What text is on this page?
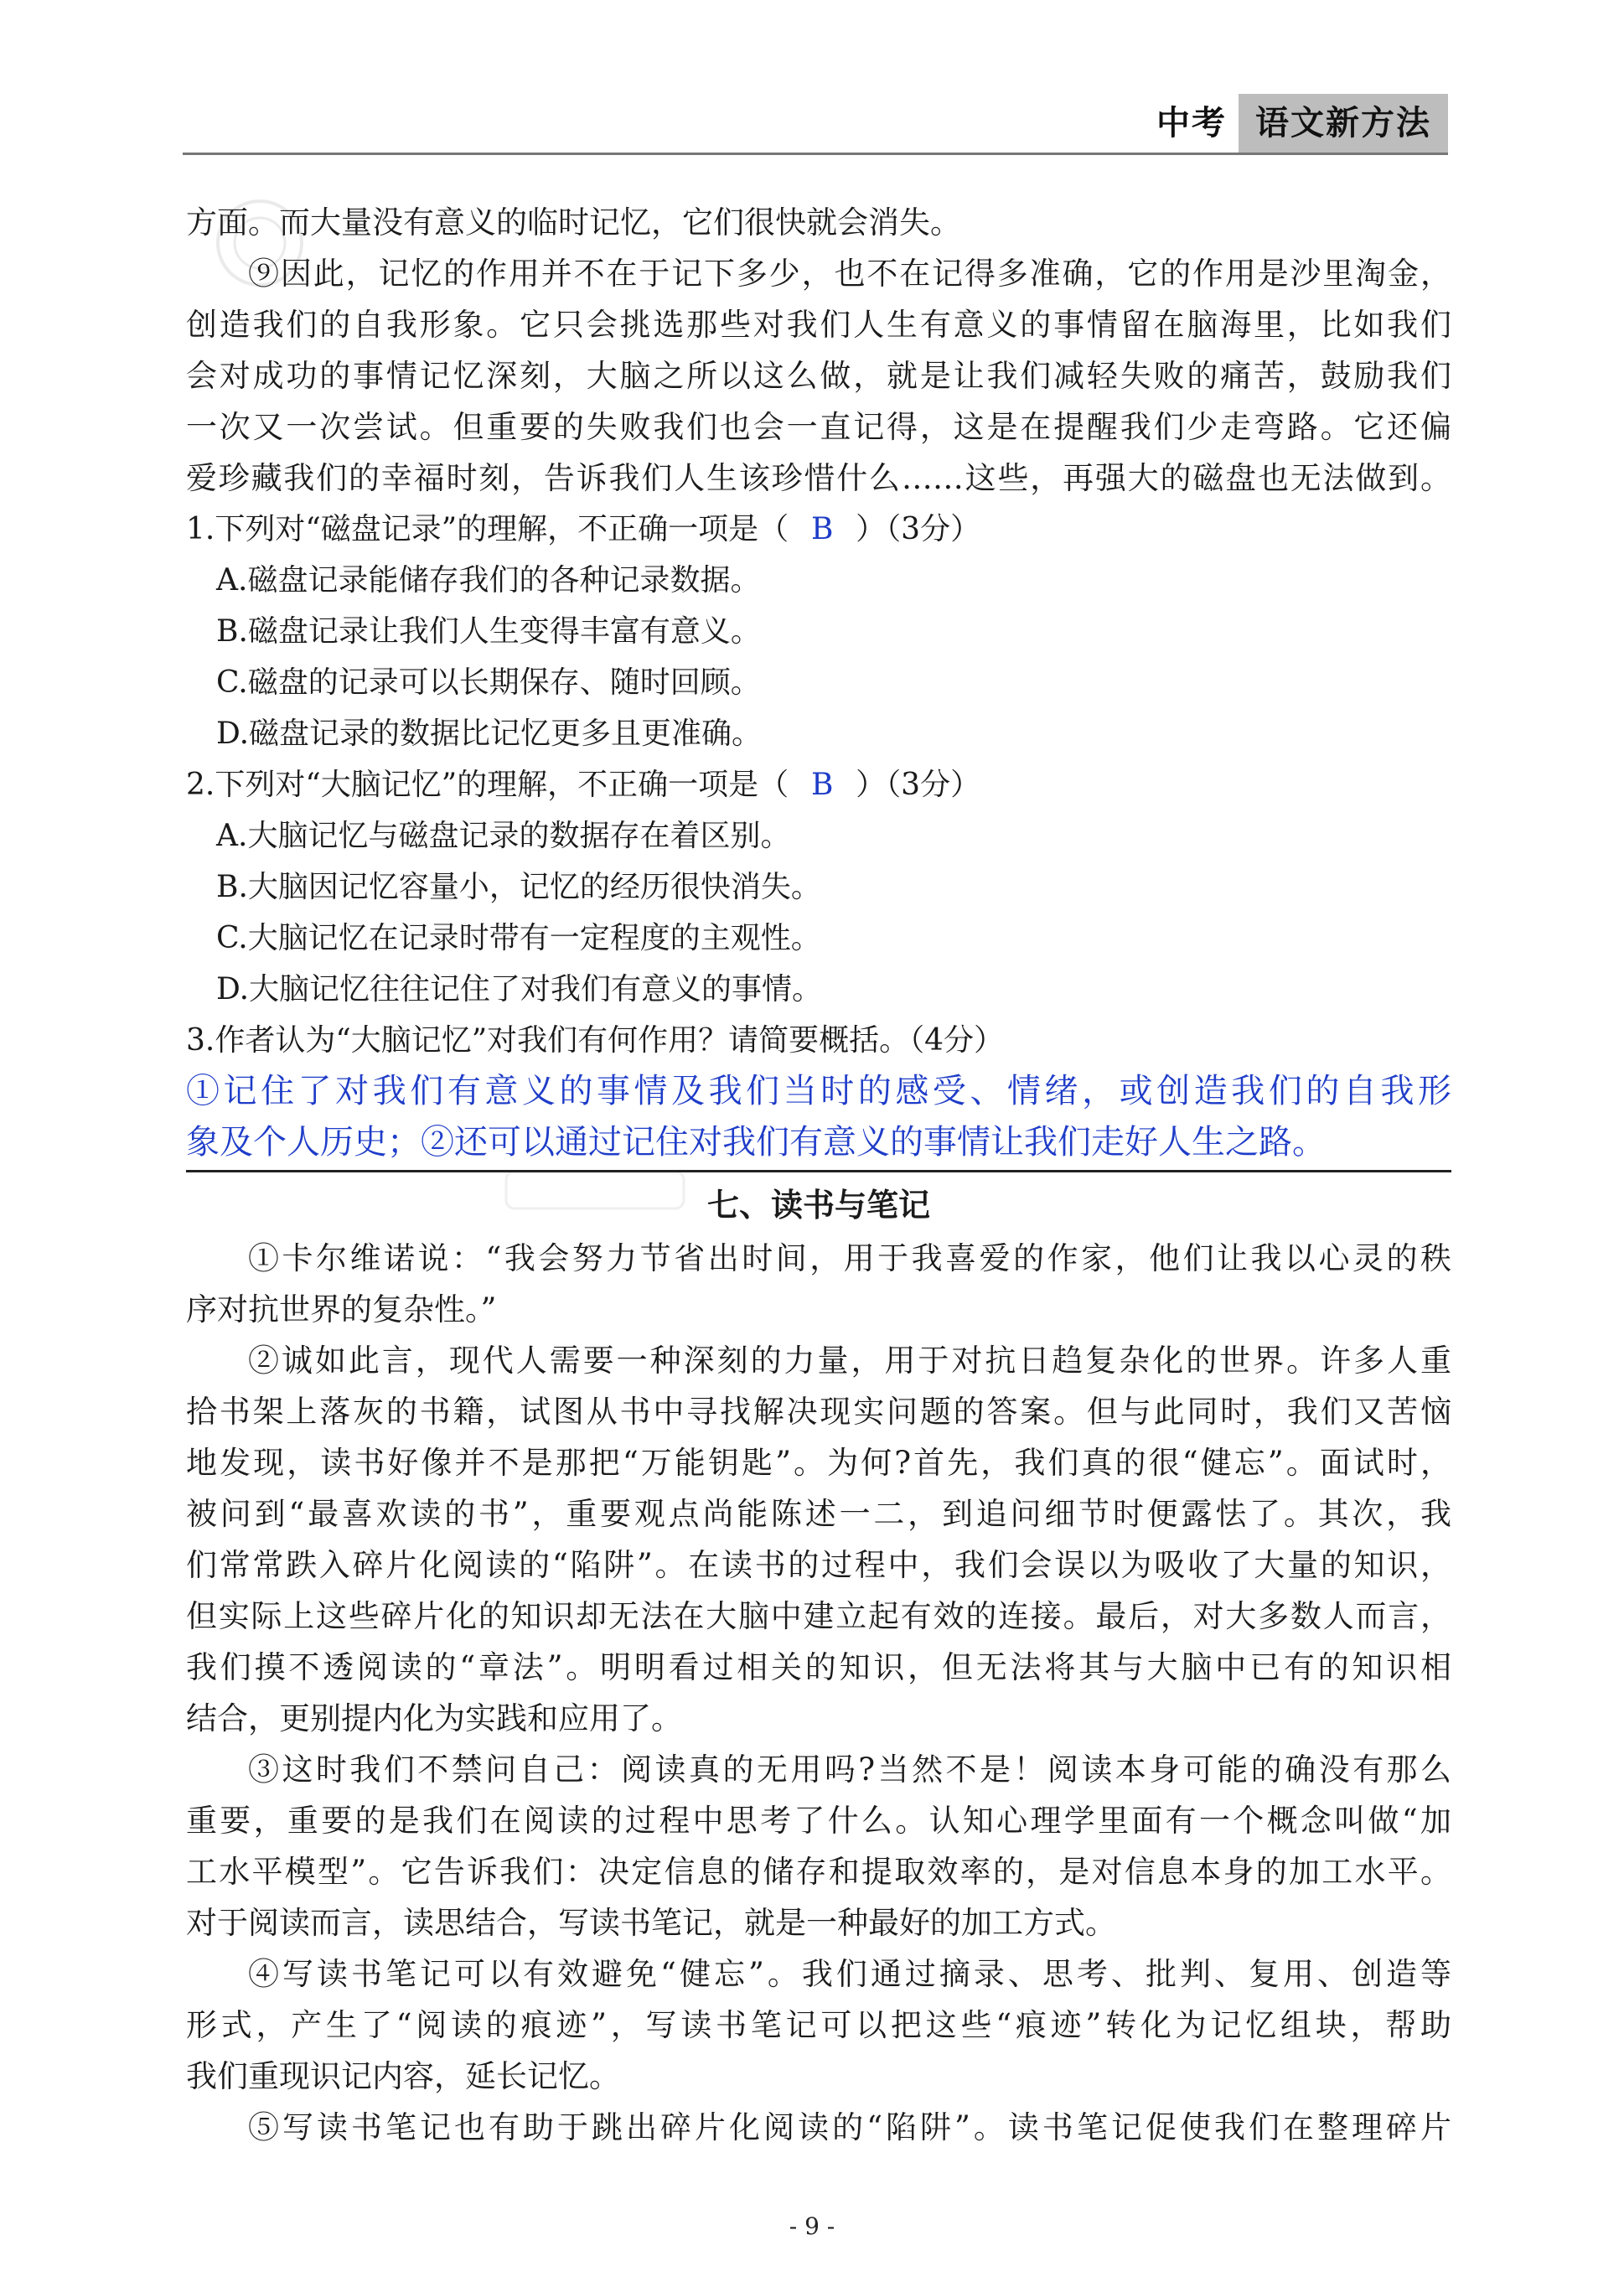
中考 语文新方法
方面。而大量没有意义的临时记忆，它们很快就会消失。
⑨因此，记忆的作用并不在于记下多少，也不在记得多准确，它的作用是沙里淘金，
创造我们的自我形象。它只会挑选那些对我们人生有意义的事情留在脑海里，比如我们
会对成功的事情记忆深刻，大脑之所以这么做，就是让我们减轻失败的痛苦，鼓励我们
一次又一次尝试。但重要的失败我们也会一直记得，这是在提醒我们少走弯路。它还偏
爱珍藏我们的幸福时刻，告诉我们人生该珍惜什么……这些，再强大的磁盘也无法做到。
1.下列对“磁盘记录”的理解，不正确一项是（ B ）（3分）
A.磁盘记录能储存我们的各种记录数据。
B.磁盘记录让我们人生变得丰富有意义。
C.磁盘的记录可以长期保存、随时回顾。
D.磁盘记录的数据比记忆更多且更准确。
2.下列对“大脑记忆”的理解，不正确一项是（ B ）（3分）
A.大脑记忆与磁盘记录的数据存在着区别。
B.大脑因记忆容量小，记忆的经历很快消失。
C.大脑记忆在记录时带有一定程度的主观性。
D.大脑记忆往往记住了对我们有意义的事情。
3.作者认为“大脑记忆”对我们有何作用？请简要概括。（4分）
①记住了对我们有意义的事情及我们当时的感受、情绪，或创造我们的自我形
象及个人历史；②还可以通过记住对我们有意义的事情让我们走好人生之路。
七、读书与笔记
①卡尔维诺说：“我会努力节省出时间，用于我喜爱的作家，他们让我以心灵的秩
序对抗世界的复杂性。”
②诚如此言，现代人需要一种深刻的力量，用于对抗日趋复杂化的世界。许多人重
拾书架上落灰的书籍，试图从书中寻找解决现实问题的答案。但与此同时，我们又苦恼
地发现，读书好像并不是那把“万能钥匙”。为何?首先，我们真的很“健忘”。面试时，
被问到“最喜欢读的书”，重要观点尚能陈述一二，到追问细节时便露怯了。其次，我
们常常跌入碎片化阅读的“陷阱”。在读书的过程中，我们会误以为吸收了大量的知识，
但实际上这些碎片化的知识却无法在大脑中建立起有效的连接。最后，对大多数人而言，
我们摸不透阅读的“章法”。明明看过相关的知识，但无法将其与大脑中已有的知识相
结合，更别提内化为实践和应用了。
③这时我们不禁问自己：阅读真的无用吗?当然不是！阅读本身可能的确没有那么
重要，重要的是我们在阅读的过程中思考了什么。认知心理学里面有一个概念叫做“加
工水平模型”。它告诉我们：决定信息的储存和提取效率的，是对信息本身的加工水平。
对于阅读而言，读思结合，写读书笔记，就是一种最好的加工方式。
④写读书笔记可以有效避免“健忘”。我们通过摘录、思考、批判、复用、创造等
形式，产生了“阅读的痕迹”，写读书笔记可以把这些“痕迹”转化为记忆组块，帮助
我们重现识记内容，延长记忆。
⑤写读书笔记也有助于跳出碎片化阅读的“陷阱”。读书笔记促使我们在整理碎片
- 9 -
